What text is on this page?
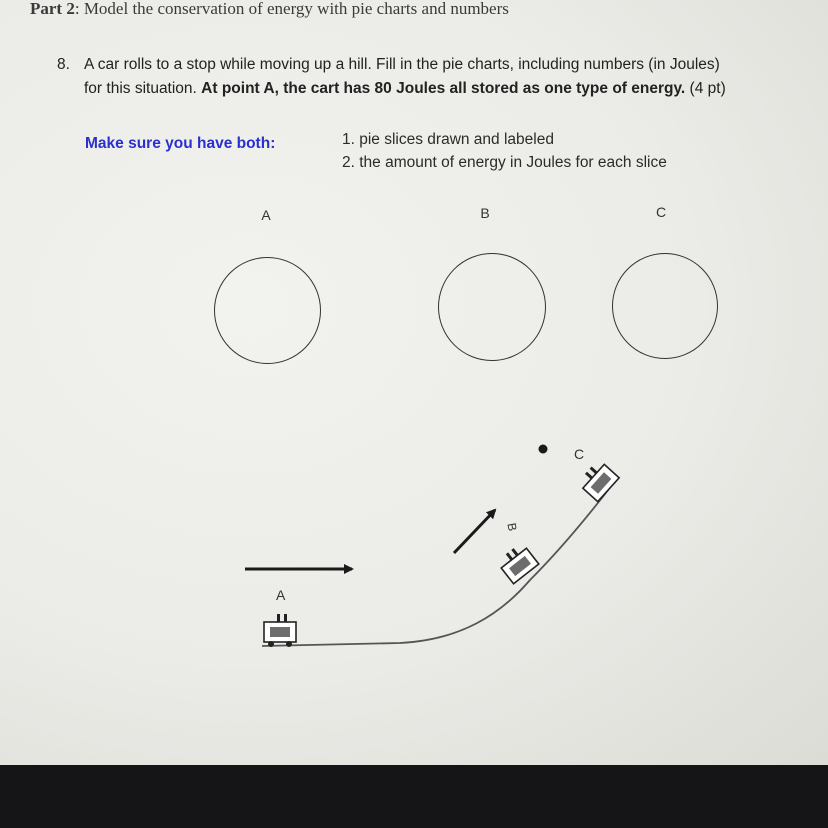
Part 2: Model the conservation of energy with pie charts and numbers
8. A car rolls to a stop while moving up a hill. Fill in the pie charts, including numbers (in Joules)
for this situation. At point A, the cart has 80 Joules all stored as one type of energy. (4 pt)
Make sure you have both:	1. pie slices drawn and labeled
2. the amount of energy in Joules for each slice
A	B	C
A
B
C
